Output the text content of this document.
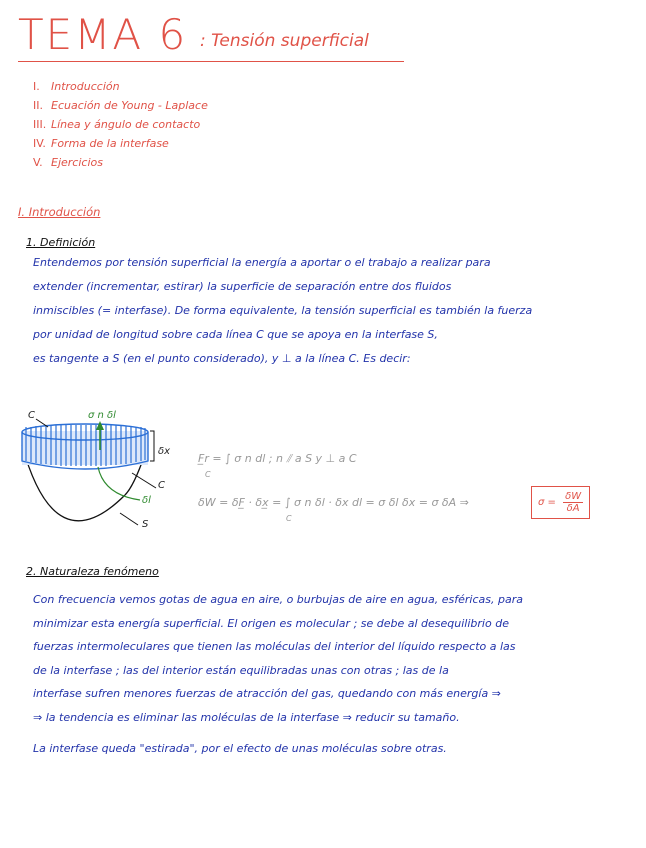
TEMA 6 : Tensión superficial
I. Introducción
II. Ecuación de Young - Laplace
III. Línea y ángulo de contacto
IV. Forma de la interfase
V. Ejercicios
I. Introducción
1. Definición
Entendemos por tensión superficial la energía a aportar o el trabajo a realizar para
extender (incrementar, estirar) la superficie de separación entre dos fluidos
inmiscibles (= interfase). De forma equivalente, la tensión superficial es también la fuerza
por unidad de longitud sobre cada línea C que se apoya en la interfase S,
es tangente a S (en el punto considerado), y ⊥ a la línea C. Es decir:
C	σ n δl
δx
C
δl
S
F̲r = ∫ σ n dl ; n ⫽ a S y ⊥ a C
C
δW = δF̲ · δx̲ = ∫ σ n δl · δx dl = σ δl δx = σ δA ⇒
C
$\sigma = \frac{\delta W}{\delta A}$
2. Naturaleza fenómeno
Con frecuencia vemos gotas de agua en aire, o burbujas de aire en agua, esféricas, para
minimizar esta energía superficial. El origen es molecular ; se debe al desequilibrio de
fuerzas intermoleculares que tienen las moléculas del interior del líquido respecto a las
de la interfase ; las del interior están equilibradas unas con otras ; las de la
interfase sufren menores fuerzas de atracción del gas, quedando con más energía ⇒
⇒ la tendencia es eliminar las moléculas de la interfase ⇒ reducir su tamaño.
La interfase queda "estirada", por el efecto de unas moléculas sobre otras.
